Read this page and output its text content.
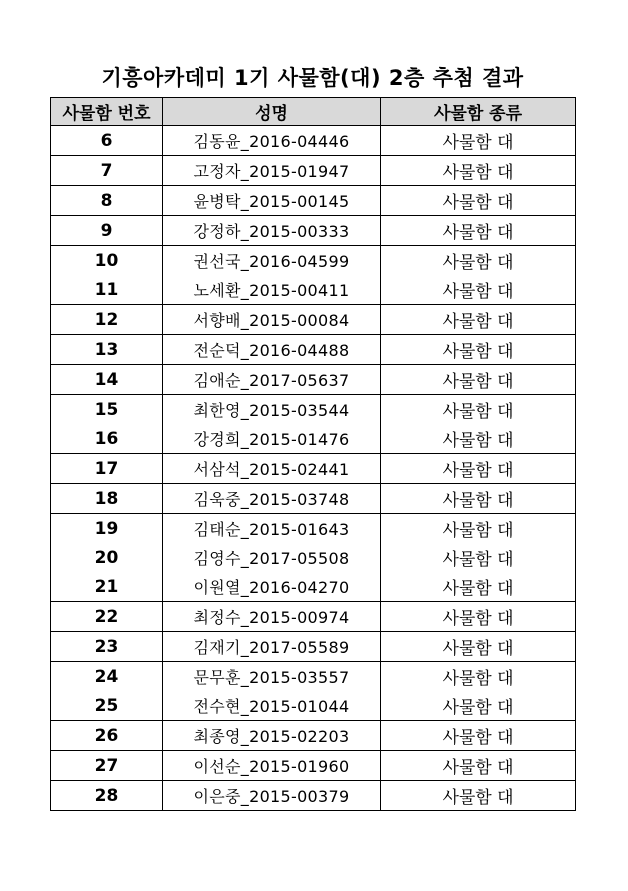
기흥아카데미 1기 사물함(대) 2층 추첨 결과
사물함 번호	성명	사물함 종류
6	김동윤_2016-04446	사물함 대
7	고정자_2015-01947	사물함 대
8	윤병탁_2015-00145	사물함 대
9	강정하_2015-00333	사물함 대
10	권선국_2016-04599	사물함 대
11	노세환_2015-00411	사물함 대
12	서향배_2015-00084	사물함 대
13	전순덕_2016-04488	사물함 대
14	김애순_2017-05637	사물함 대
15	최한영_2015-03544	사물함 대
16	강경희_2015-01476	사물함 대
17	서삼석_2015-02441	사물함 대
18	김욱중_2015-03748	사물함 대
19	김태순_2015-01643	사물함 대
20	김영수_2017-05508	사물함 대
21	이원열_2016-04270	사물함 대
22	최정수_2015-00974	사물함 대
23	김재기_2017-05589	사물함 대
24	문무훈_2015-03557	사물함 대
25	전수현_2015-01044	사물함 대
26	최종영_2015-02203	사물함 대
27	이선순_2015-01960	사물함 대
28	이은중_2015-00379	사물함 대
